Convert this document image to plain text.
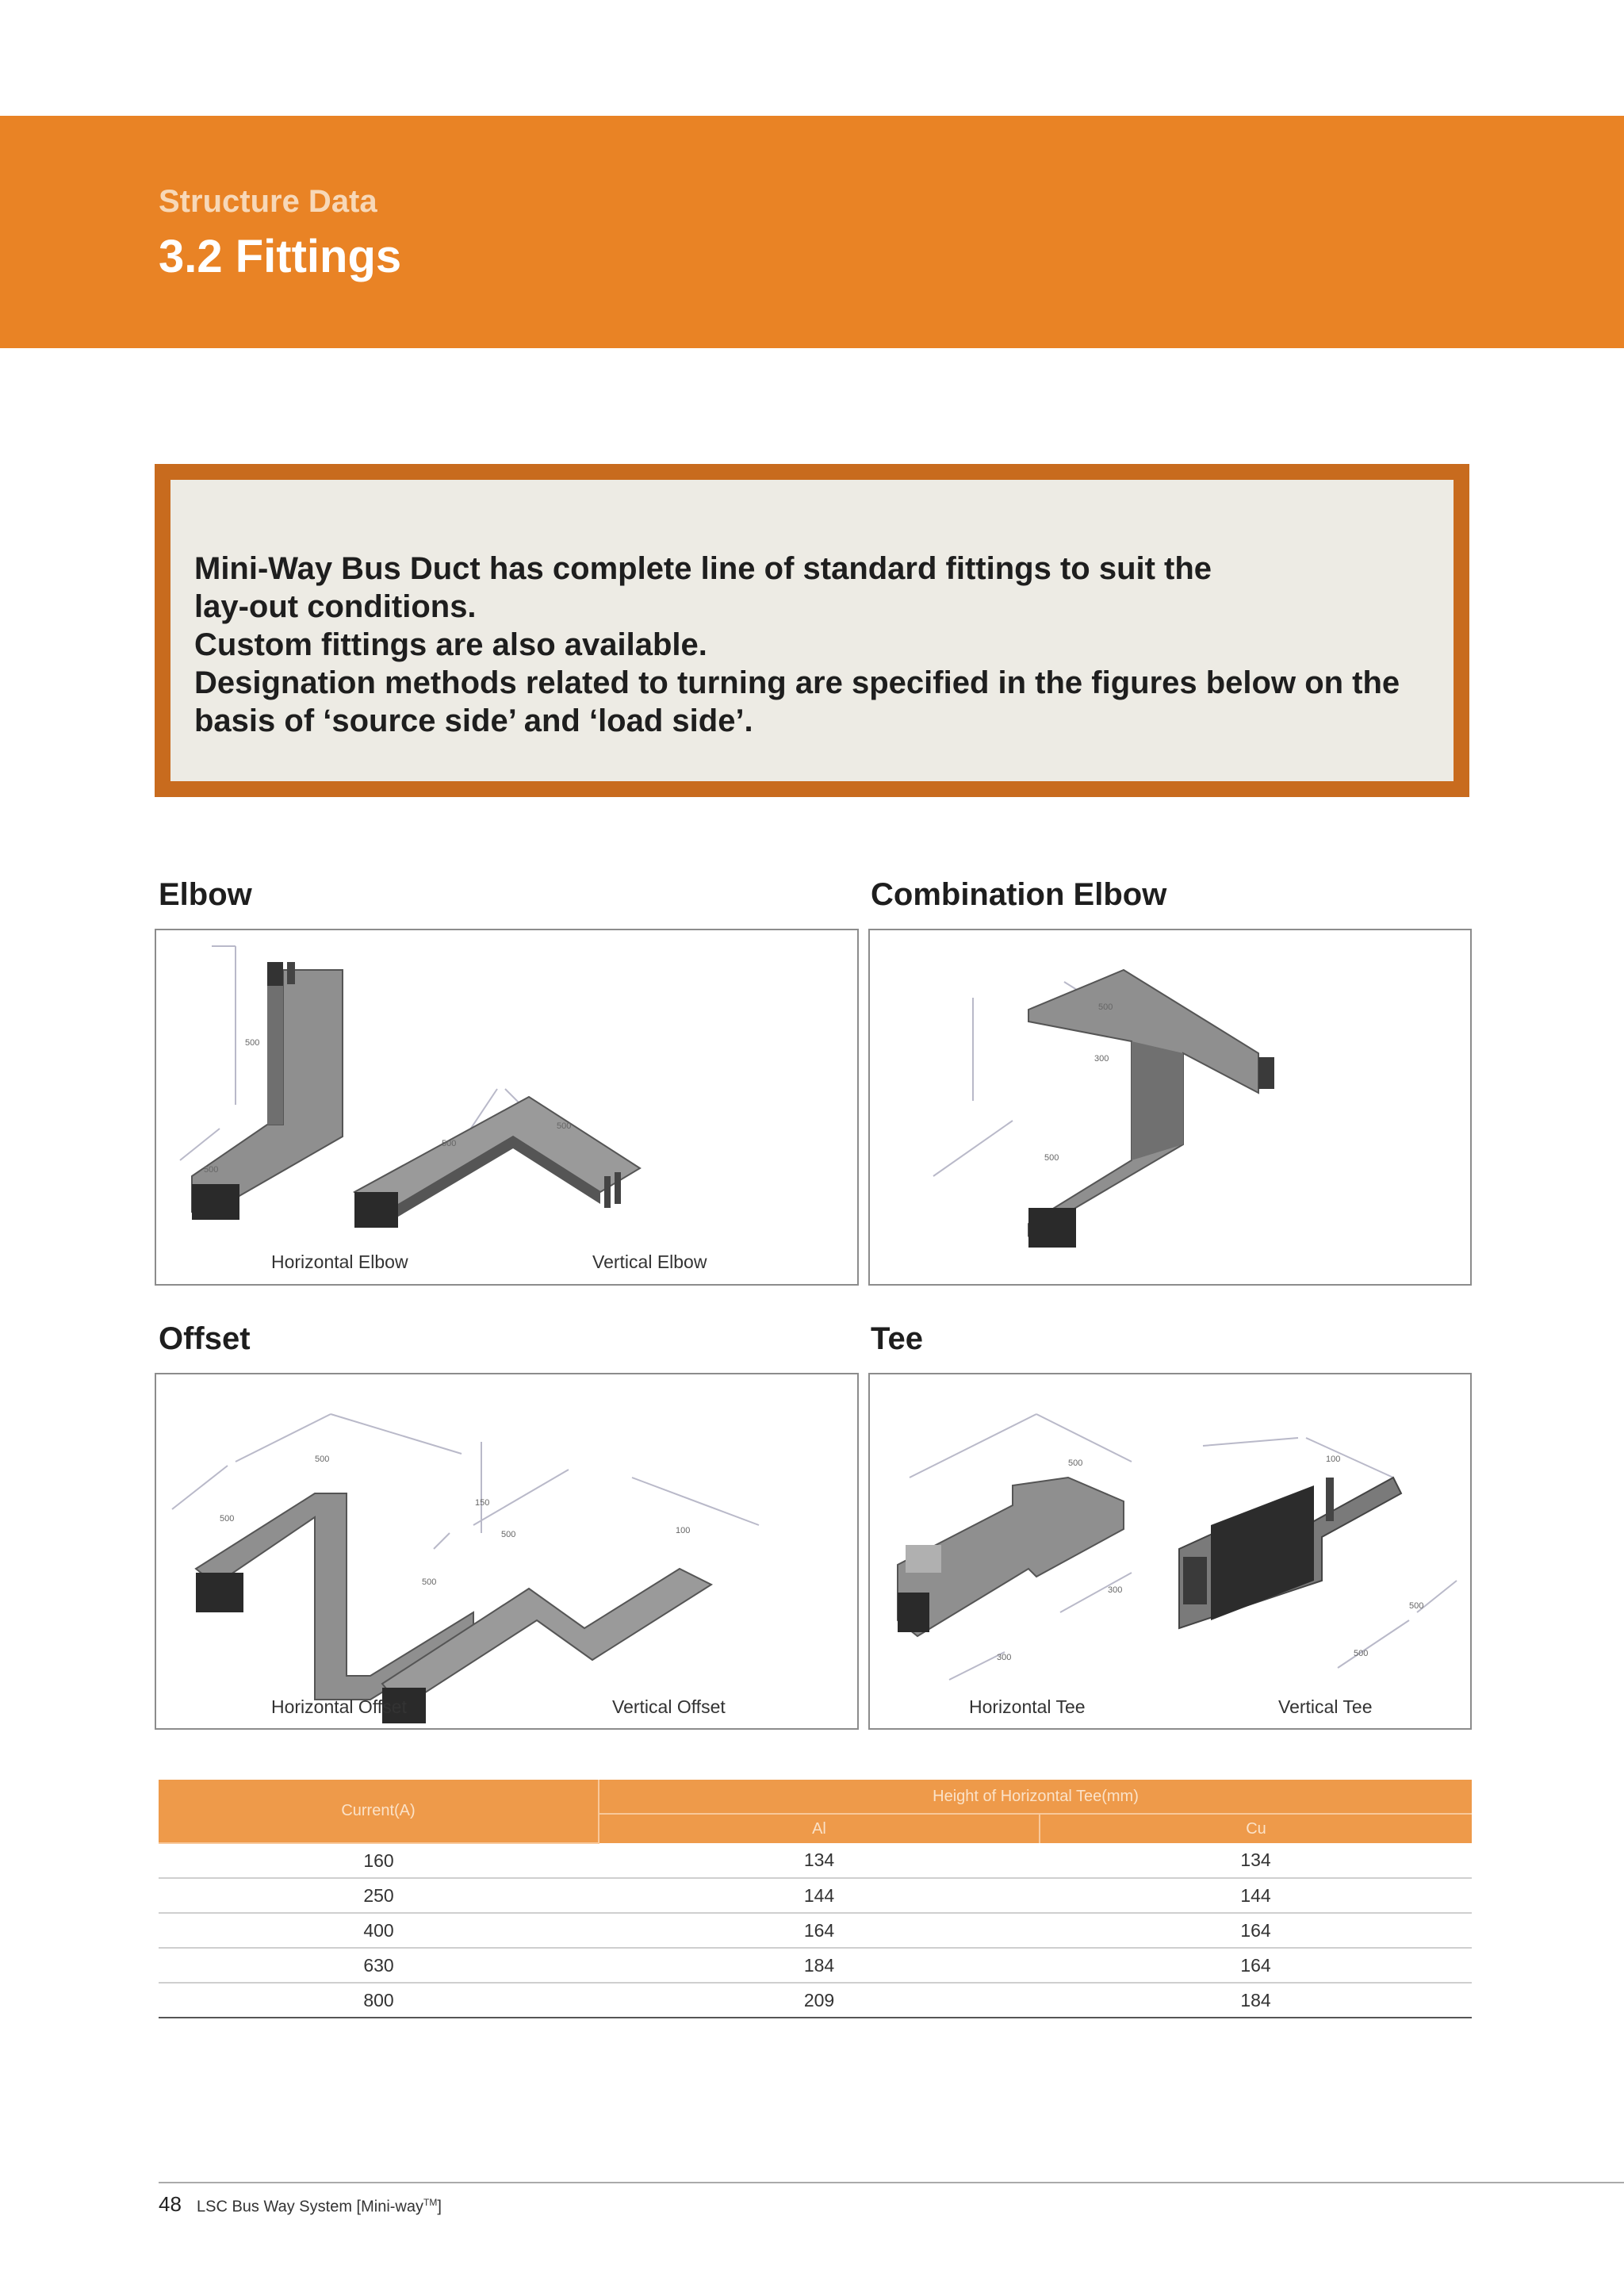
Structure Data
3.2 Fittings
Mini-Way Bus Duct has complete line of standard fittings to suit the
lay-out conditions.
Custom fittings are also available.
Designation methods related to turning are specified in the figures below on the
basis of ‘source side’ and ‘load side’.
Elbow	Combination Elbow
Offset	Tee
500
500
500
500
Horizontal Elbow	Vertical Elbow
500
300
500
500
500
150
500
500
100
Horizontal Offset	Vertical Offset
500
300
300
100
500
500
Horizontal Tee	Vertical Tee
Current(A)	Height of Horizontal Tee(mm)	
	Al	Cu
160	134	134
250	144	144
400	164	164
630	184	164
800	209	184
48 LSC Bus Way System [Mini-way™]
